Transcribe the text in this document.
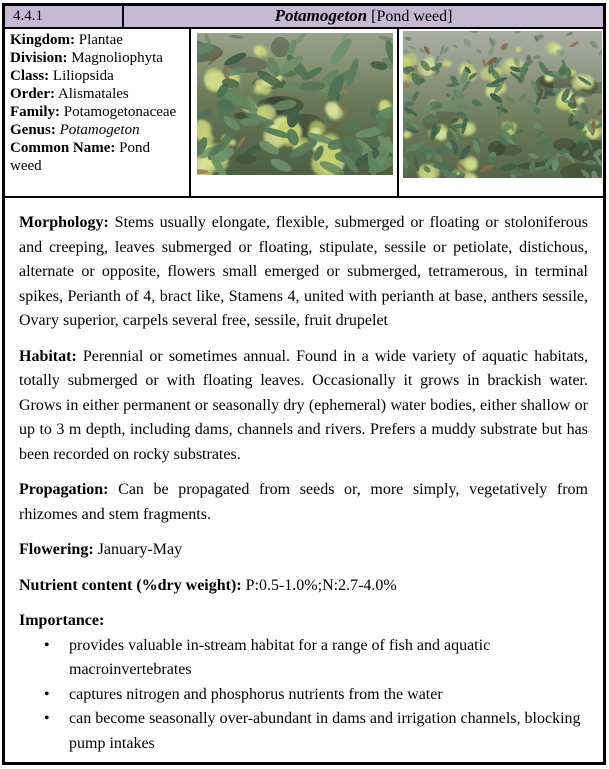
4.4.1	Potamogeton [Pond weed]
Kingdom: Plantae
Division: Magnoliophyta
Class: Liliopsida
Order: Alismatales
Family: Potamogetonaceae
Genus: Potamogeton
Common Name: Pond weed

Morphology: Stems usually elongate, flexible, submerged or floating or stoloniferous and creeping, leaves submerged or floating, stipulate, sessile or petiolate, distichous, alternate or opposite, flowers small emerged or submerged, tetramerous, in terminal spikes, Perianth of 4, bract like, Stamens 4, united with perianth at base, anthers sessile, Ovary superior, carpels several free, sessile, fruit drupelet

Habitat: Perennial or sometimes annual. Found in a wide variety of aquatic habitats, totally submerged or with floating leaves. Occasionally it grows in brackish water. Grows in either permanent or seasonally dry (ephemeral) water bodies, either shallow or up to 3 m depth, including dams, channels and rivers. Prefers a muddy substrate but has been recorded on rocky substrates.

Propagation: Can be propagated from seeds or, more simply, vegetatively from rhizomes and stem fragments.

Flowering: January-May

Nutrient content (%dry weight): P:0.5-1.0%;N:2.7-4.0%

Importance:

• provides valuable in-stream habitat for a range of fish and aquatic macroinvertebrates
• captures nitrogen and phosphorus nutrients from the water
• can become seasonally over-abundant in dams and irrigation channels, blocking pump intakes
